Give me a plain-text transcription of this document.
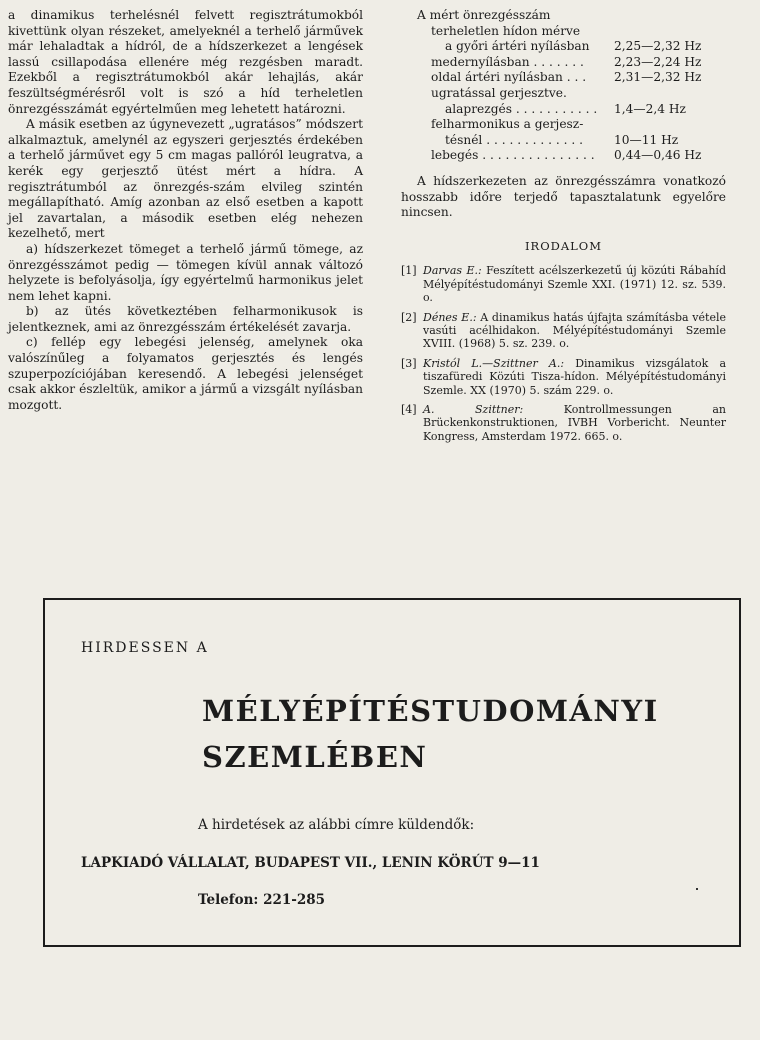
a dinamikus terhelésnél felvett regisztrátumokból kivettünk olyan részeket, amelyeknél a terhelő járművek már lehaladtak a hídról, de a hídszerkezet a lengések lassú csillapodása ellenére még rezgésben maradt. Ezekből a regisztrátumokból akár lehajlás, akár feszültségmérésről volt is szó a híd terheletlen önrezgésszámát egyértelműen meg lehetett határozni.

A másik esetben az úgynevezett „ugratásos” módszert alkalmaztuk, amelynél az egyszeri gerjesztés érdekében a terhelő járművet egy 5 cm magas pallóról leugratva, a kerék egy gerjesztő ütést mért a hídra. A regisztrátumból az önrezgés-szám elvileg szintén megállapítható. Amíg azonban az első esetben a kapott jel zavartalan, a második esetben elég nehezen kezelhető, mert

a) hídszerkezet tömeget a terhelő jármű tömege, az önrezgésszámot pedig — tömegen kívül annak változó helyzete is befolyásolja, így egyértelmű harmonikus jelet nem lehet kapni.

b) az ütés következtében felharmonikusok is jelentkeznek, ami az önrezgésszám értékelését zavarja.

c) fellép egy lebegési jelenség, amelynek oka valószínűleg a folyamatos gerjesztés és lengés szuperpozíciójában keresendő. A lebegési jelenséget csak akkor észleltük, amikor a jármű a vizsgált nyílásban mozgott.

A mért önrezgésszám
terheletlen hídon mérve
a győri ártéri nyílásban	2,25—2,32 Hz
medernyílásban . . . . . . .	2,23—2,24 Hz
oldal ártéri nyílásban . . .	2,31—2,32 Hz
ugratással gerjesztve.
alaprezgés . . . . . . . . . . .	1,4—2,4 Hz
felharmonikus a gerjesz-
tésnél . . . . . . . . . . . . .	10—11 Hz
lebegés . . . . . . . . . . . . . . .	0,44—0,46 Hz
A hídszerkezeten az önrezgésszámra vonatkozó hosszabb időre terjedő tapasztalatunk egyelőre nincsen.
IRODALOM
[1] Darvas E.: Feszített acélszerkezetű új közúti Rábahíd Mélyépítéstudományi Szemle XXI. (1971) 12. sz. 539. o.
[2] Dénes E.: A dinamikus hatás újfajta számításba vétele vasúti acélhidakon. Mélyépítéstudományi Szemle XVIII. (1968) 5. sz. 239. o.
[3] Kristól L.—Szittner A.: Dinamikus vizsgálatok a tiszafüredi Közúti Tisza-hídon. Mélyépítéstudományi Szemle. XX (1970) 5. szám 229. o.
[4] A. Szittner: Kontrollmessungen an Brückenkonstruktionen, IVBH Vorbericht. Neunter Kongress, Amsterdam 1972. 665. o.
HIRDESSEN A
MÉLYÉPÍTÉSTUDOMÁNYI
SZEMLÉBEN
A hirdetések az alábbi címre küldendők:
LAPKIADÓ VÁLLALAT, BUDAPEST VII., LENIN KÖRÚT 9—11
Telefon: 221-285
